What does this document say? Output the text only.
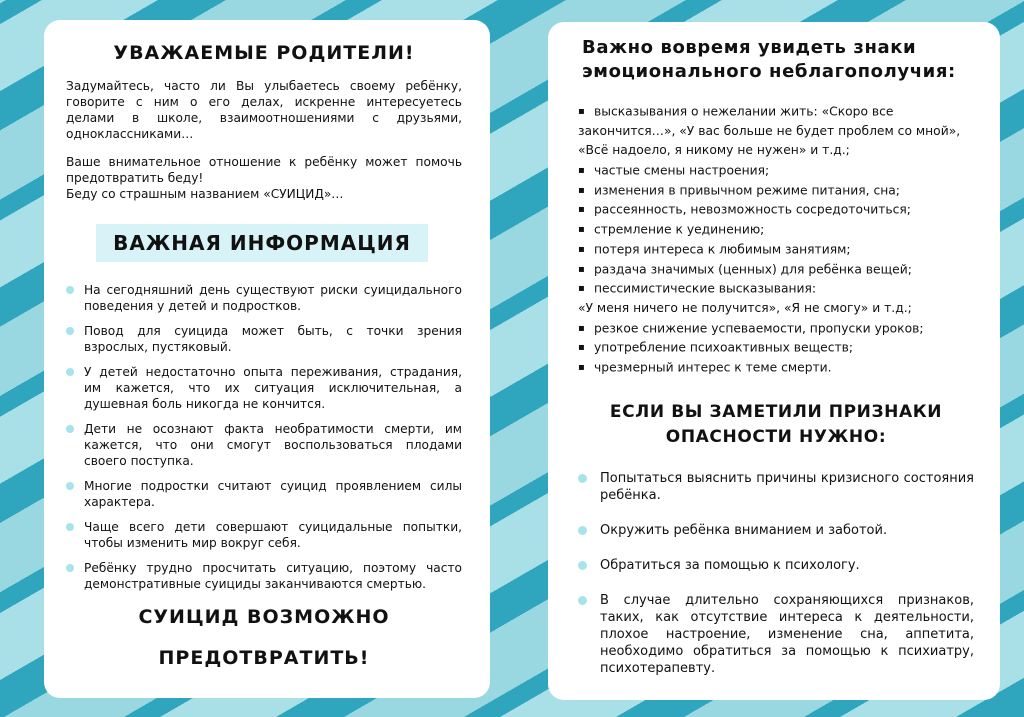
УВАЖАЕМЫЕ РОДИТЕЛИ!

Задумайтесь, часто ли Вы улыбаетесь своему ребёнку, говорите с ним о его делах, искренне интересуетесь делами в школе, взаимоотношениями с друзьями, одноклассниками…

Ваше внимательное отношение к ребёнку может помочь предотвратить беду!

Беду со страшным названием «СУИЦИД»…

ВАЖНАЯ ИНФОРМАЦИЯ
На сегодняшний день существуют риски суицидального поведения у детей и подростков.
Повод для суицида может быть, с точки зрения взрослых, пустяковый.
У детей недостаточно опыта переживания, страдания, им кажется, что их ситуация исключительная, а душевная боль никогда не кончится.
Дети не осознают факта необратимости смерти, им кажется, что они смогут воспользоваться плодами своего поступка.
Многие подростки считают суицид проявлением силы характера.
Чаще всего дети совершают суицидальные попытки, чтобы изменить мир вокруг себя.
Ребёнку трудно просчитать ситуацию, поэтому часто демонстративные суициды заканчиваются смертью.
СУИЦИД ВОЗМОЖНО
ПРЕДОТВРАТИТЬ!
Важно вовремя увидеть знаки
эмоционального неблагополучия:
▪ высказывания о нежелании жить: «Скоро все закончится…», «У вас больше не будет проблем со мной», «Всё надоело, я никому не нужен» и т.д.;
▪ частые смены настроения;
▪ изменения в привычном режиме питания, сна;
▪ рассеянность, невозможность сосредоточиться;
▪ стремление к уединению;
▪ потеря интереса к любимым занятиям;
▪ раздача значимых (ценных) для ребёнка вещей;
▪ пессимистические высказывания:
«У меня ничего не получится», «Я не смогу» и т.д.;
▪ резкое снижение успеваемости, пропуски уроков;
▪ употребление психоактивных веществ;
▪ чрезмерный интерес к теме смерти.
ЕСЛИ ВЫ ЗАМЕТИЛИ ПРИЗНАКИ
ОПАСНОСТИ НУЖНО:
Попытаться выяснить причины кризисного состояния ребёнка.
Окружить ребёнка вниманием и заботой.
Обратиться за помощью к психологу.
В случае длительно сохраняющихся признаков, таких, как отсутствие интереса к деятельности, плохое настроение, изменение сна, аппетита, необходимо обратиться за помощью к психиатру, психотерапевту.
